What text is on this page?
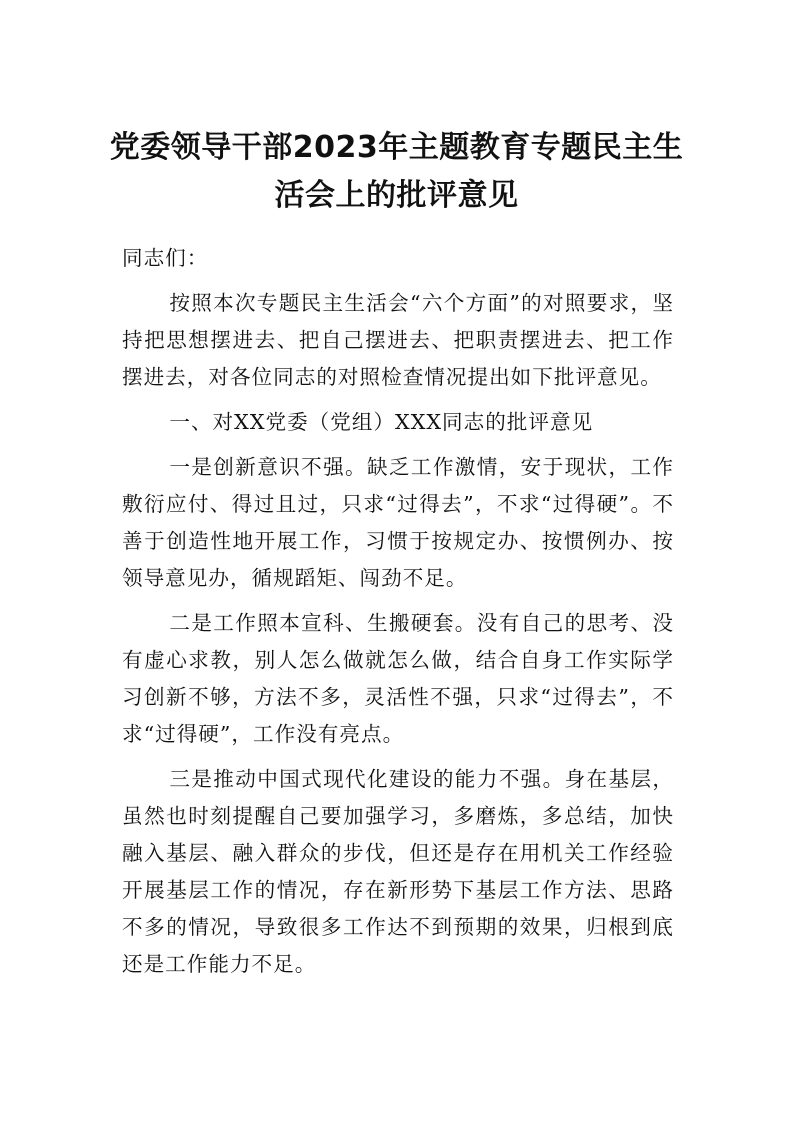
党委领导干部2023年主题教育专题民主生
活会上的批评意见

同志们：

按照本次专题民主生活会“六个方面”的对照要求，坚持把思想摆进去、把自己摆进去、把职责摆进去、把工作摆进去，对各位同志的对照检查情况提出如下批评意见。

一、对XX党委（党组）XXX同志的批评意见

一是创新意识不强。缺乏工作激情，安于现状，工作敷衍应付、得过且过，只求“过得去”，不求“过得硬”。不善于创造性地开展工作，习惯于按规定办、按惯例办、按领导意见办，循规蹈矩、闯劲不足。

二是工作照本宣科、生搬硬套。没有自己的思考、没有虚心求教，别人怎么做就怎么做，结合自身工作实际学习创新不够，方法不多，灵活性不强，只求“过得去”，不求“过得硬”，工作没有亮点。

三是推动中国式现代化建设的能力不强。身在基层，虽然也时刻提醒自己要加强学习，多磨炼，多总结，加快融入基层、融入群众的步伐，但还是存在用机关工作经验开展基层工作的情况，存在新形势下基层工作方法、思路不多的情况，导致很多工作达不到预期的效果，归根到底还是工作能力不足。
